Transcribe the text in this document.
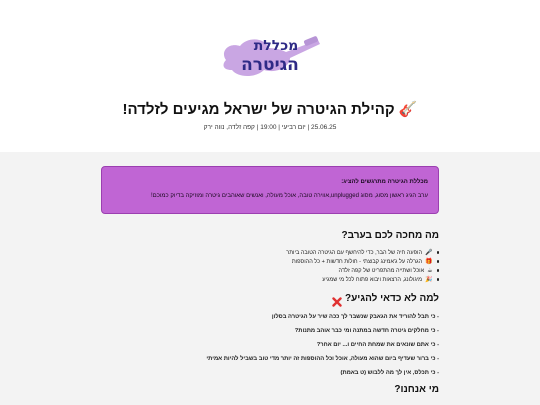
מכללת
הגיטרה
🎸 קהילת הגיטרה של ישראל מגיעים לזלדה!
25.06.25 | יום רביעי | 19:00 | קפה זלדה, נווה ירק
מכללת הגיטרה מתרגשים להציג:
ערב הגיג ראשון מסוג, מסוג unplugged,אווירה טובה, אוכל מעולה, ואנשים שאוהבים גיטרה ומוזיקה בדיוק כמוכם!
מה מחכה לכם בערב?
🎤הופעה חיה של הבר, כדי להיחשף עם הגיטרה הטובה ביותר
🎁הגרלה על ג'אמינג קבוצתי - חולות חדשות + כל ההוספות
☕אוכל ושתייה מהתפריט של קפה זלדה
🎉מיגולונג, הרצאות ויבוא פתוח לכל מי שמגיע
למה לא כדאי להגיע?
- כי תבל להוריד את הגאבק שנשבר לך ככה שיר על הגיטרה בסלון
- כי מחלקים גיטרה חדשה במתנה ומי כבר אוהב מתנות?
- כי אתם שונאים את שמחת החיים ו... יום אחר?
- כי ברור שעדיף ביום שהוא מעולה, אוכל וכל ההוספות זה יותר מדי טוב בשביל להיות אמיתי
- כי תכלס, אין לך מה ללבוש (ט באמת)
מי אנחנו?
